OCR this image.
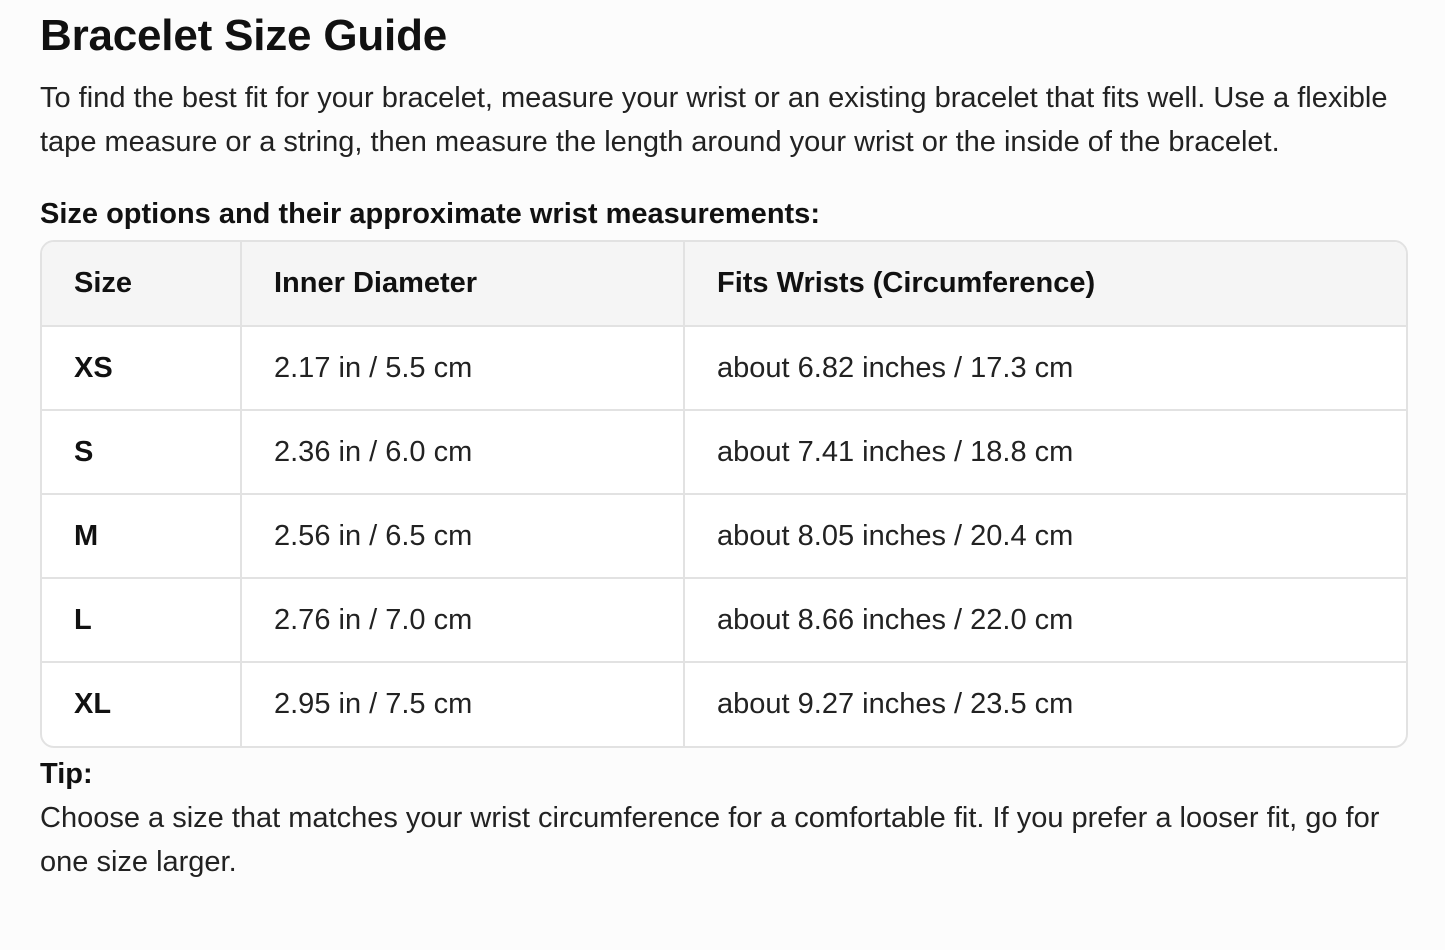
Bracelet Size Guide

To find the best fit for your bracelet, measure your wrist or an existing bracelet that fits well. Use a flexible tape measure or a string, then measure the length around your wrist or the inside of the bracelet.

Size options and their approximate wrist measurements:

Size	Inner Diameter	Fits Wrists (Circumference)
XS	2.17 in / 5.5 cm	about 6.82 inches / 17.3 cm
S	2.36 in / 6.0 cm	about 7.41 inches / 18.8 cm
M	2.56 in / 6.5 cm	about 8.05 inches / 20.4 cm
L	2.76 in / 7.0 cm	about 8.66 inches / 22.0 cm
XL	2.95 in / 7.5 cm	about 9.27 inches / 23.5 cm

Tip:

Choose a size that matches your wrist circumference for a comfortable fit. If you prefer a looser fit, go for one size larger.
